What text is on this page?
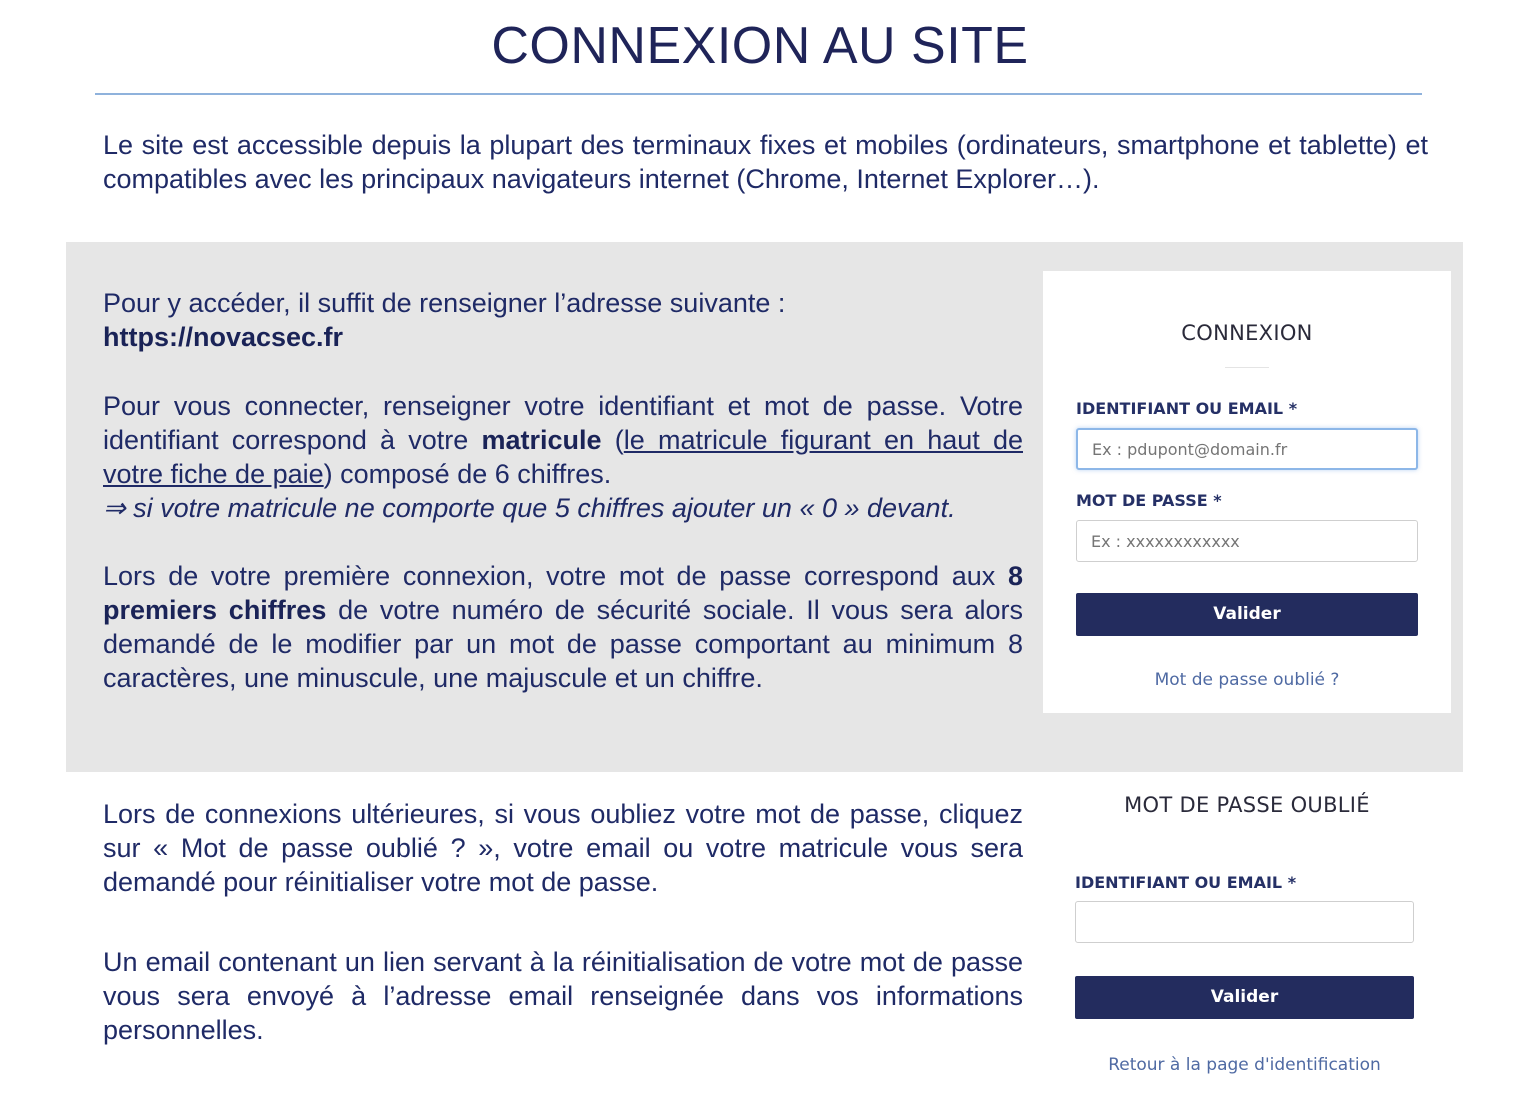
CONNEXION AU SITE
Le site est accessible depuis la plupart des terminaux fixes et mobiles (ordinateurs, smartphone et tablette) et compatibles avec les principaux navigateurs internet (Chrome, Internet Explorer…).

Pour y accéder, il suffit de renseigner l’adresse suivante :

https://novacsec.fr

Pour vous connecter, renseigner votre identifiant et mot de passe. Votre identifiant correspond à votre matricule (le matricule figurant en haut de votre fiche de paie) composé de 6 chiffres.

⇒ si votre matricule ne comporte que 5 chiffres ajouter un « 0 » devant.

Lors de votre première connexion, votre mot de passe correspond aux 8 premiers chiffres de votre numéro de sécurité sociale. Il vous sera alors demandé de le modifier par un mot de passe comportant au minimum 8 caractères, une minuscule, une majuscule et un chiffre.

CONNEXION
IDENTIFIANT OU EMAIL *
Ex : pdupont@domain.fr
MOT DE PASSE *
Valider
Mot de passe oublié ?

Lors de connexions ultérieures, si vous oubliez votre mot de passe, cliquez sur « Mot de passe oublié ? », votre email ou votre matricule vous sera demandé pour réinitialiser votre mot de passe.

Un email contenant un lien servant à la réinitialisation de votre mot de passe vous sera envoyé à l’adresse email renseignée dans vos informations personnelles.

MOT DE PASSE OUBLIÉ
IDENTIFIANT OU EMAIL *
Valider
Retour à la page d'identification
